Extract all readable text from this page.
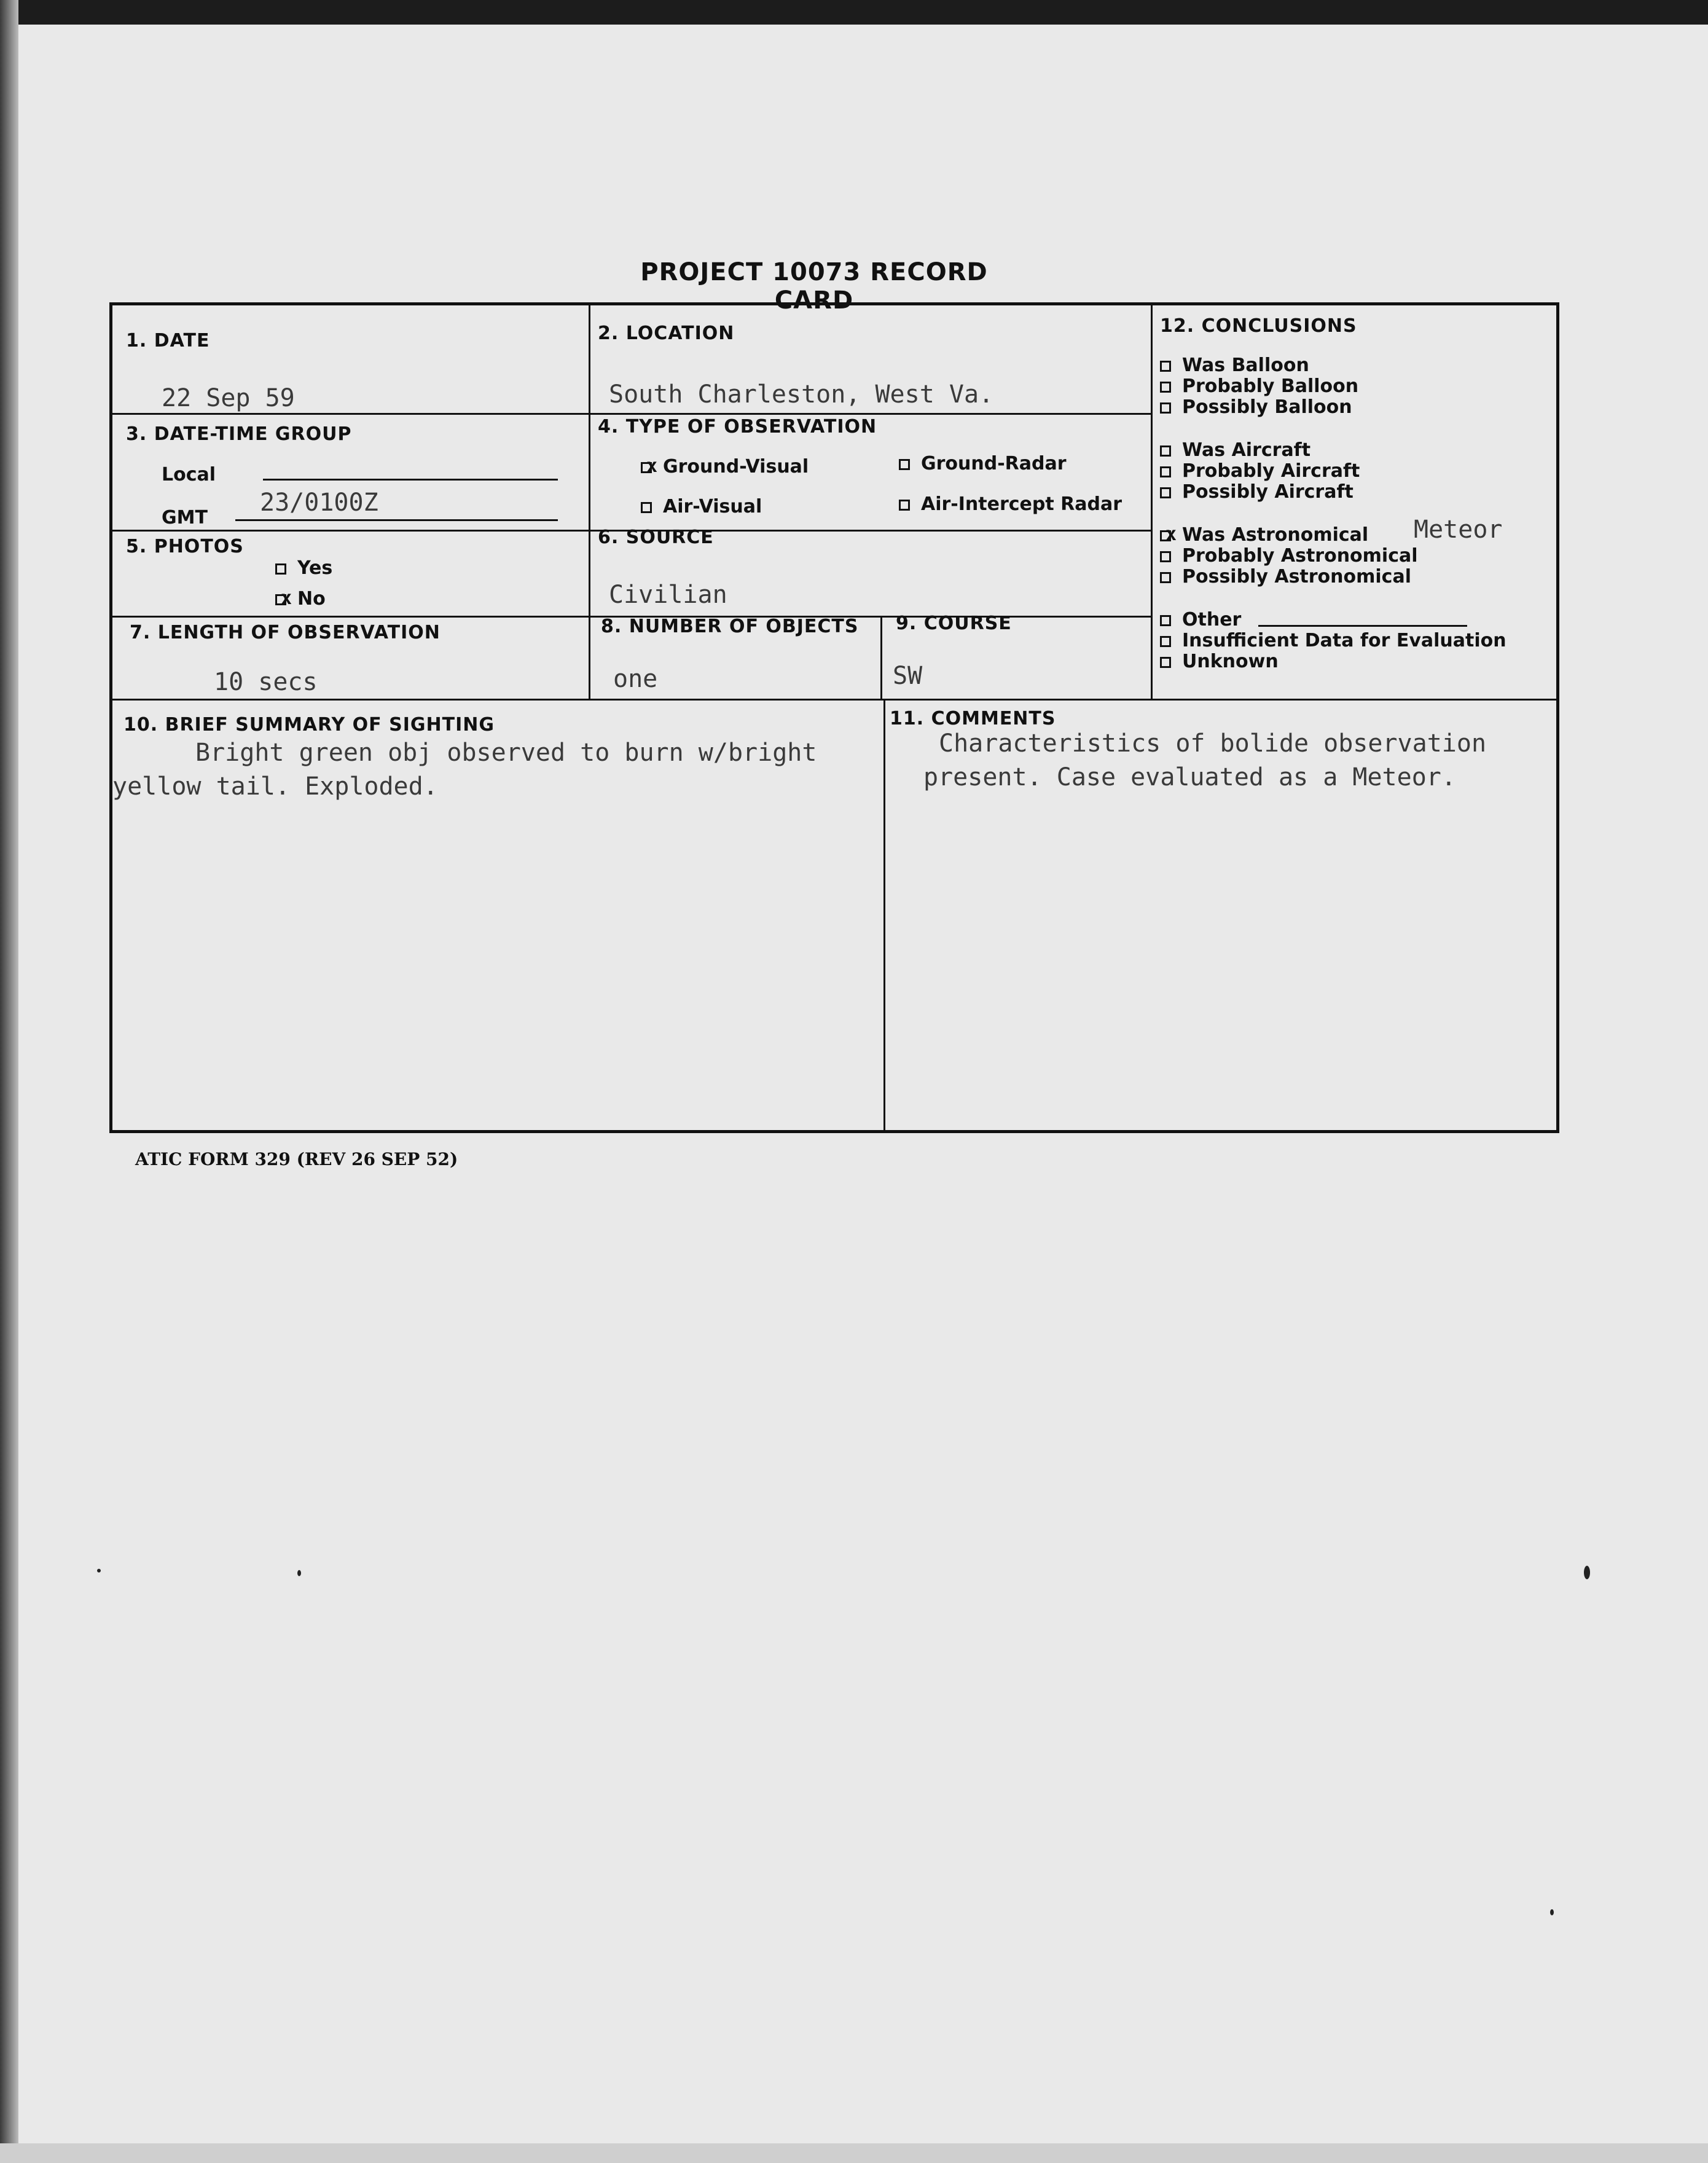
PROJECT 10073 RECORD CARD
1. DATE
22 Sep 59
2. LOCATION
South Charleston, West Va.
3. DATE-TIME GROUP
Local
GMT
23/0100Z
4. TYPE OF OBSERVATION
xGround-Visual	Ground-Radar
Air-Visual	Air-Intercept Radar
5. PHOTOS
Yes
xNo
6. SOURCE
Civilian
7. LENGTH OF OBSERVATION
10 secs
8. NUMBER OF OBJECTS
one
9. COURSE
SW
10. BRIEF SUMMARY OF SIGHTING
Bright green obj observed to burn w/bright
yellow tail. Exploded.
11. COMMENTS
Characteristics of bolide observation
present. Case evaluated as a Meteor.
12. CONCLUSIONS
Was Balloon
Probably Balloon
Possibly Balloon
Was Aircraft
Probably Aircraft
Possibly Aircraft
xWas Astronomical Meteor
Probably Astronomical
Possibly Astronomical
Other
Insufficient Data for Evaluation
Unknown
ATIC FORM 329 (REV 26 SEP 52)
